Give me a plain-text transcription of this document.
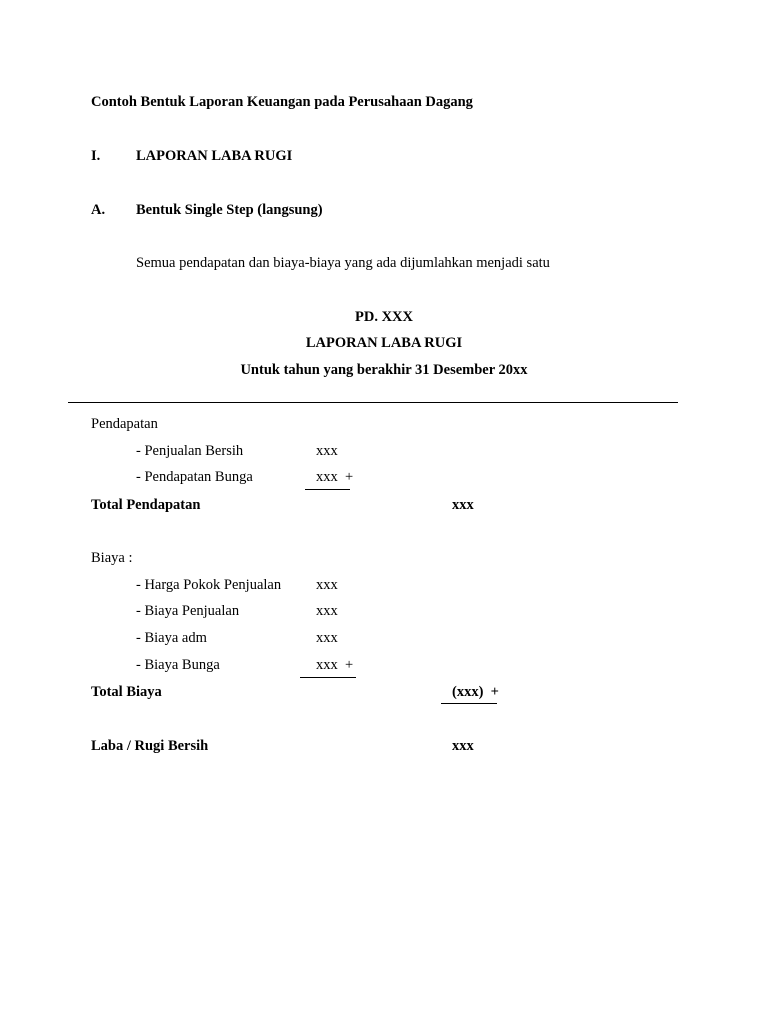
Contoh Bentuk Laporan Keuangan pada Perusahaan Dagang
I. LAPORAN LABA RUGI
A. Bentuk Single Step (langsung)
Semua pendapatan dan biaya-biaya yang ada dijumlahkan menjadi satu
PD. XXX
LAPORAN LABA RUGI
Untuk tahun yang berakhir 31 Desember 20xx
Pendapatan
- Penjualan Bersih	xxx
- Pendapatan Bunga	xxx  +
Total Pendapatan	xxx
Biaya :
- Harga Pokok Penjualan xxx
- Biaya Penjualan	xxx
- Biaya adm	xxx
- Biaya Bunga	xxx  +
Total Biaya	(xxx)  +
Laba / Rugi Bersih	xxx
